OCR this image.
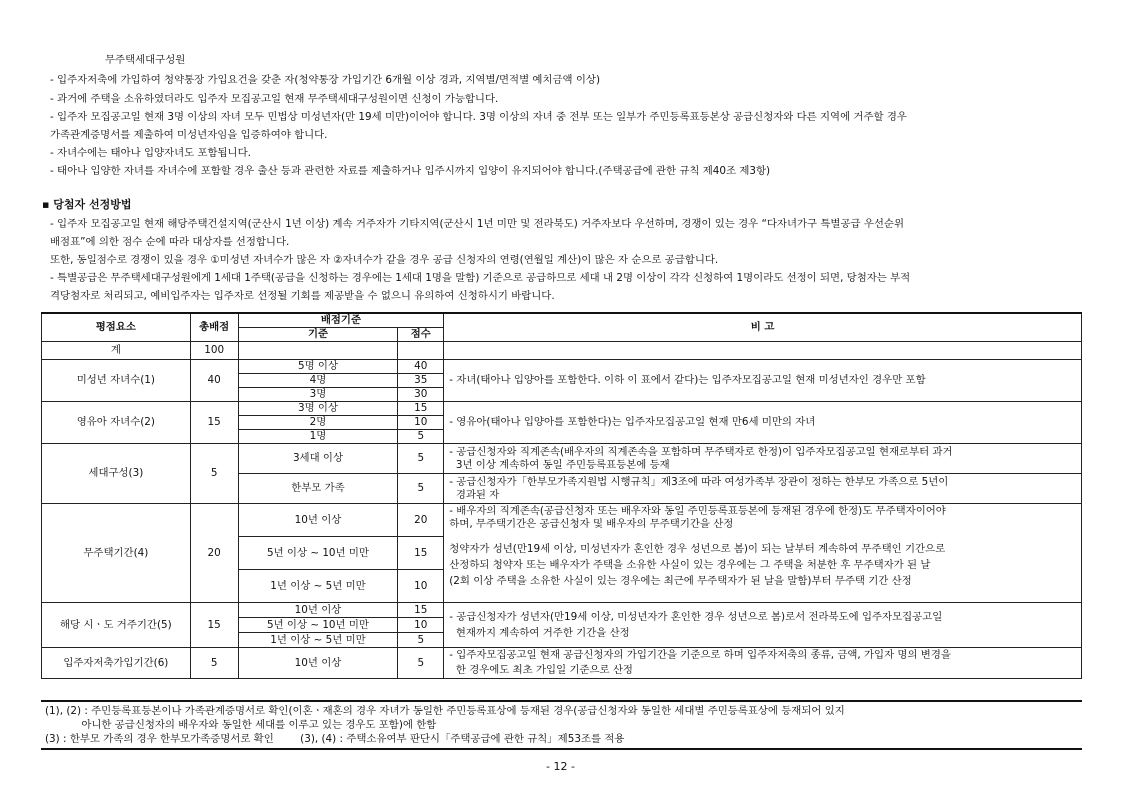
무주택세대구성원
- 입주자저축에 가입하여 청약통장 가입요건을 갖춘 자(청약통장 가입기간 6개월 이상 경과, 지역별/면적별 예치금액 이상)
- 과거에 주택을 소유하였더라도 입주자 모집공고일 현재 무주택세대구성원이면 신청이 가능합니다.
- 입주자 모집공고일 현재 3명 이상의 자녀 모두 민법상 미성년자(만 19세 미만)이어야 합니다. 3명 이상의 자녀 중 전부 또는 일부가 주민등록표등본상 공급신청자와 다른 지역에 거주할 경우
가족관계증명서를 제출하여 미성년자임을 입증하여야 합니다.
- 자녀수에는 태아나 입양자녀도 포함됩니다.
- 태아나 입양한 자녀를 자녀수에 포함할 경우 출산 등과 관련한 자료를 제출하거나 입주시까지 입양이 유지되어야 합니다.(주택공급에 관한 규칙 제40조 제3항)
▪ 당첨자 선정방법
- 입주자 모집공고일 현재 해당주택건설지역(군산시 1년 이상) 계속 거주자가 기타지역(군산시 1년 미만 및 전라북도) 거주자보다 우선하며, 경쟁이 있는 경우 “다자녀가구 특별공급 우선순위
배점표”에 의한 점수 순에 따라 대상자를 선정합니다.
또한, 동일점수로 경쟁이 있을 경우 ①미성년 자녀수가 많은 자 ②자녀수가 같을 경우 공급 신청자의 연령(연월일 계산)이 많은 자 순으로 공급합니다.
- 특별공급은 무주택세대구성원에게 1세대 1주택(공급을 신청하는 경우에는 1세대 1명을 말함) 기준으로 공급하므로 세대 내 2명 이상이 각각 신청하여 1명이라도 선정이 되면, 당첨자는 부적
격당첨자로 처리되고, 예비입주자는 입주자로 선정될 기회를 제공받을 수 없으니 유의하여 신청하시기 바랍니다.
평점요소	총배점	배점기준		비 고
		기준	점수	
계	100			
미성년 자녀수(1)	40	5명 이상	40	- 자녀(태아나 입양아를 포함한다. 이하 이 표에서 같다)는 입주자모집공고일 현재 미성년자인 경우만 포함
		4명	35	
		3명	30	
영유아 자녀수(2)	15	3명 이상	15	- 영유아(태아나 입양아를 포함한다)는 입주자모집공고일 현재 만6세 미만의 자녀
		2명	10	
		1명	5	
세대구성(3)	5	3세대 이상	5	- 공급신청자와 직계존속(배우자의 직계존속을 포함하며 무주택자로 한정)이 입주자모집공고일 현재로부터 과거
3년 이상 계속하여 동일 주민등록표등본에 등재

		한부모 가족	5	- 공급신청자가「한부모가족지원법 시행규칙」제3조에 따라 여성가족부 장관이 정하는 한부모 가족으로 5년이
경과된 자

무주택기간(4)	20	10년 이상	20	- 배우자의 직계존속(공급신청자 또는 배우자와 동일 주민등록표등본에 등재된 경우에 한정)도 무주택자이어야
하며, 무주택기간은 공급신청자 및 배우자의 무주택기간을 산정
청약자가 성년(만19세 이상, 미성년자가 혼인한 경우 성년으로 봄)이 되는 날부터 계속하여 무주택인 기간으로
산정하되 청약자 또는 배우자가 주택을 소유한 사실이 있는 경우에는 그 주택을 처분한 후 무주택자가 된 날
(2회 이상 주택을 소유한 사실이 있는 경우에는 최근에 무주택자가 된 날을 말함)부터 무주택 기간 산정

		5년 이상 ~ 10년 미만	15	
		1년 이상 ~ 5년 미만	10	
해당 시ㆍ도 거주기간(5)	15	10년 이상	15	- 공급신청자가 성년자(만19세 이상, 미성년자가 혼인한 경우 성년으로 봄)로서 전라북도에 입주자모집공고일
현재까지 계속하여 거주한 기간을 산정

		5년 이상 ~ 10년 미만	10	
		1년 이상 ~ 5년 미만	5	
입주자저축가입기간(6)	5	10년 이상	5	- 입주자모집공고일 현재 공급신청자의 가입기간을 기준으로 하며 입주자저축의 종류, 금액, 가입자 명의 변경을
한 경우에도 최초 가입일 기준으로 산정
(1), (2) : 주민등록표등본이나 가족관계증명서로 확인(이혼ㆍ재혼의 경우 자녀가 동일한 주민등록표상에 등재된 경우(공급신청자와 동일한 세대별 주민등록표상에 등재되어 있지
아니한 공급신청자의 배우자와 동일한 세대를 이루고 있는 경우도 포함)에 한함
(3) : 한부모 가족의 경우 한부모가족증명서로 확인        (3), (4) : 주택소유여부 판단시「주택공급에 관한 규칙」제53조를 적용
- 12 -
